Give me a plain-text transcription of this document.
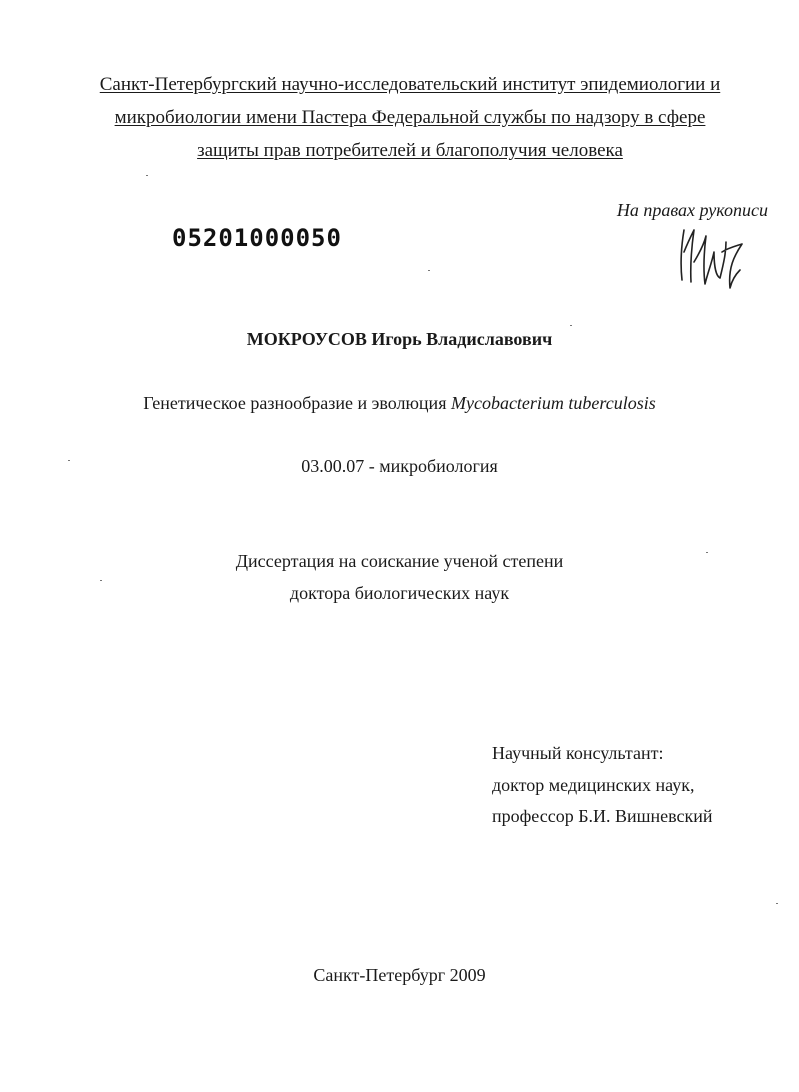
Санкт-Петербургский научно-исследовательский институт эпидемиологии и
микробиологии имени Пастера Федеральной службы по надзору в сфере
защиты прав потребителей и благополучия человека
На правах рукописи
05201000050
МОКРОУСОВ Игорь Владиславович
Генетическое разнообразие и эволюция Mycobacterium tuberculosis
03.00.07 - микробиология
Диссертация на соискание ученой степени
доктора биологических наук
Научный консультант:
доктор медицинских наук,
профессор Б.И. Вишневский
Санкт-Петербург 2009
